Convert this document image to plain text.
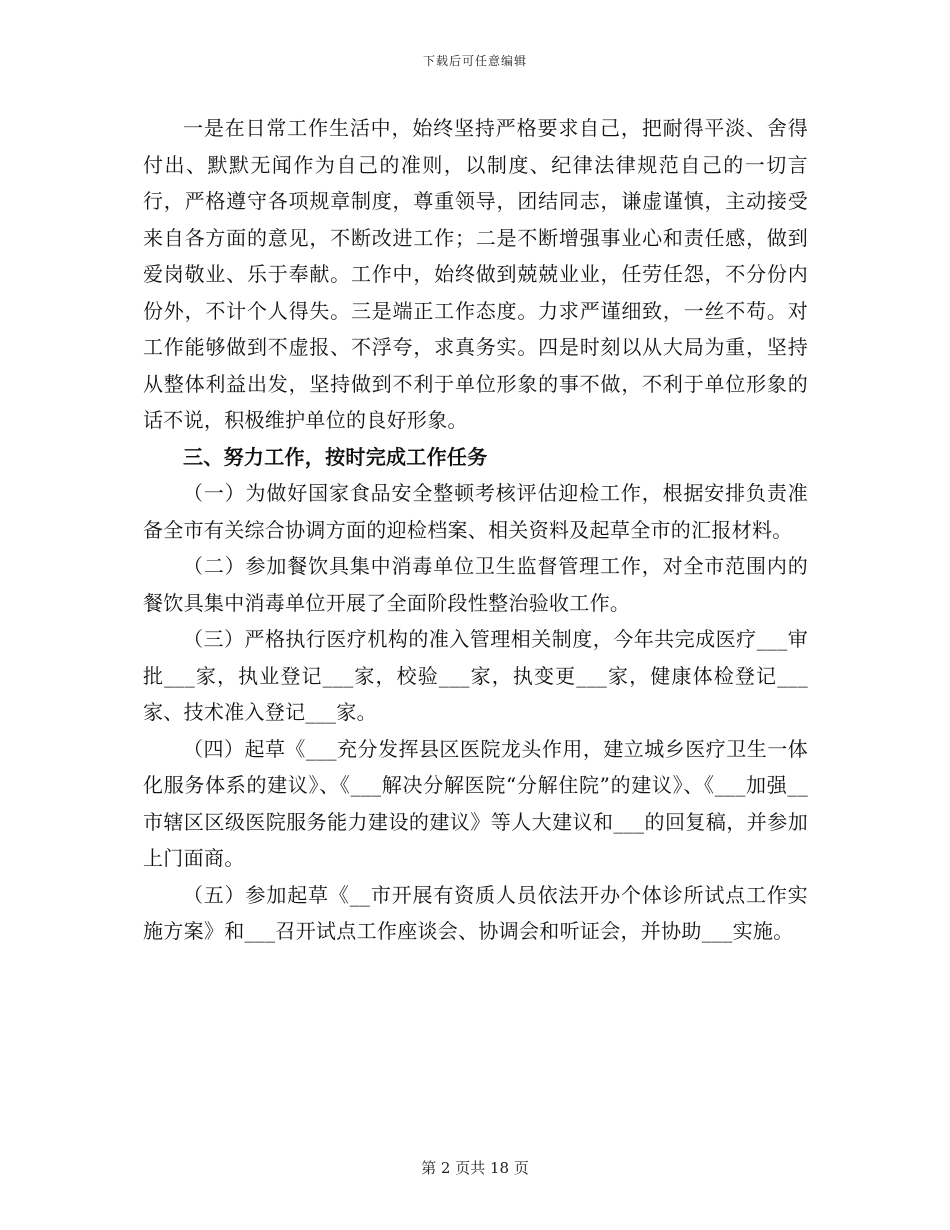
下载后可任意编辑

一是在日常工作生活中，始终坚持严格要求自己，把耐得平淡、舍得付出、默默无闻作为自己的准则，以制度、纪律法律规范自己的一切言行，严格遵守各项规章制度，尊重领导，团结同志，谦虚谨慎，主动接受来自各方面的意见，不断改进工作；二是不断增强事业心和责任感，做到爱岗敬业、乐于奉献。工作中，始终做到兢兢业业，任劳任怨，不分份内份外，不计个人得失。三是端正工作态度。力求严谨细致，一丝不苟。对工作能够做到不虚报、不浮夸，求真务实。四是时刻以从大局为重，坚持从整体利益出发，坚持做到不利于单位形象的事不做，不利于单位形象的话不说，积极维护单位的良好形象。

三、努力工作，按时完成工作任务

（一）为做好国家食品安全整顿考核评估迎检工作，根据安排负责准备全市有关综合协调方面的迎检档案、相关资料及起草全市的汇报材料。

（二）参加餐饮具集中消毒单位卫生监督管理工作，对全市范围内的餐饮具集中消毒单位开展了全面阶段性整治验收工作。

（三）严格执行医疗机构的准入管理相关制度，今年共完成医疗___审批___家，执业登记___家，校验___家，执变更___家，健康体检登记___家、技术准入登记___家。

（四）起草《___充分发挥县区医院龙头作用，建立城乡医疗卫生一体化服务体系的建议》、《___解决分解医院“分解住院”的建议》、《___加强__市辖区区级医院服务能力建设的建议》等人大建议和___的回复稿，并参加上门面商。

（五）参加起草《__市开展有资质人员依法开办个体诊所试点工作实施方案》和___召开试点工作座谈会、协调会和听证会，并协助___实施。

第 2 页共 18 页
